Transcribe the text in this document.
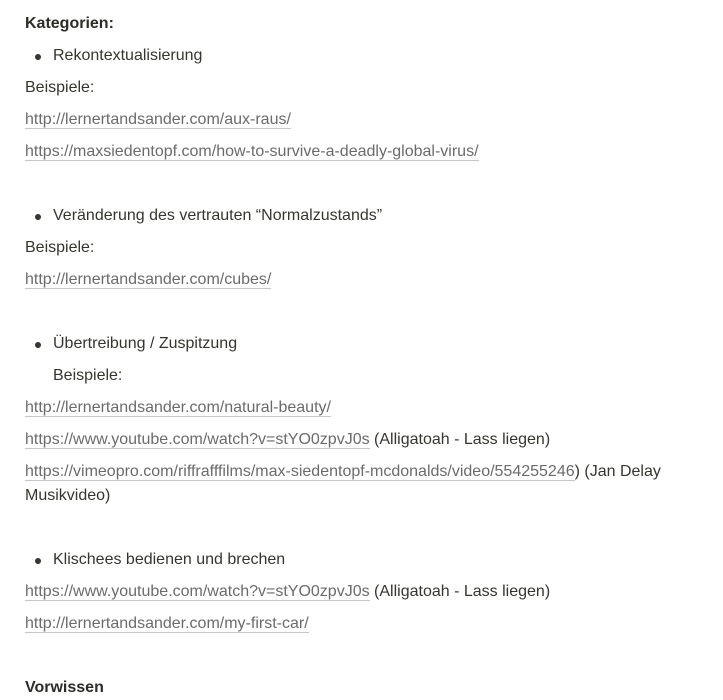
Kategorien:
Rekontextualisierung
Beispiele:
http://lernertandsander.com/aux-raus/
https://maxsiedentopf.com/how-to-survive-a-deadly-global-virus/
Veränderung des vertrauten “Normalzustands”
Beispiele:
http://lernertandsander.com/cubes/
Übertreibung / Zuspitzung
Beispiele:
http://lernertandsander.com/natural-beauty/
https://www.youtube.com/watch?v=stYO0zpvJ0s (Alligatoah - Lass liegen)
https://vimeopro.com/riffrafffilms/max-siedentopf-mcdonalds/video/554255246) (Jan Delay
Musikvideo)
Klischees bedienen und brechen
https://www.youtube.com/watch?v=stYO0zpvJ0s (Alligatoah - Lass liegen)
http://lernertandsander.com/my-first-car/
Vorwissen
